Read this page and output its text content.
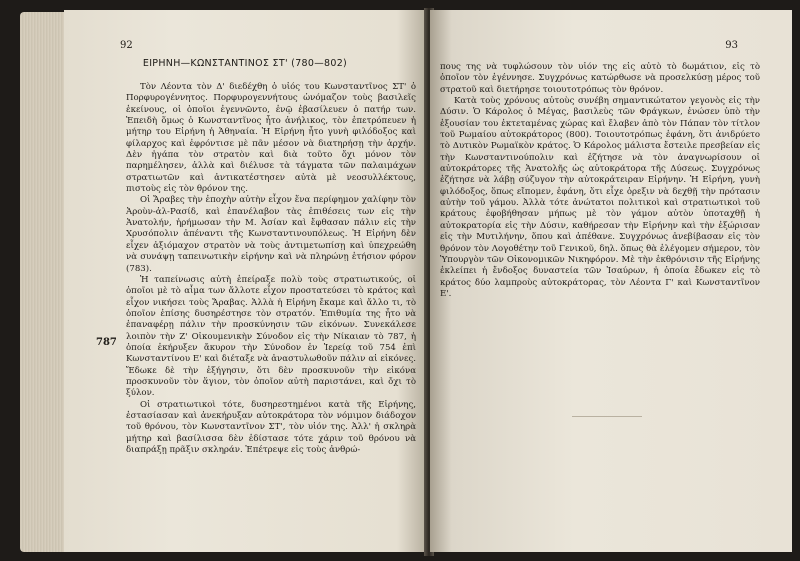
92
ΕΙΡΗΝΗ—ΚΩΝΣΤΑΝΤΙΝΟΣ ΣΤ' (780—802)
787

Τὸν Λέοντα τὸν Δ' διεδέχθη ὁ υἱός του Κωνσταντῖνος ΣΤ' ὁ Πορφυρογέννητος. Πορφυρογεννήτους ὠνόμαζον τοὺς βασιλεῖς ἐκείνους, οἱ ὁποῖοι ἐγεννῶντο, ἐνῷ ἐβασίλευεν ὁ πατήρ των. Ἐπειδὴ ὅμως ὁ Κωνσταντῖνος ἦτο ἀνήλικος, τὸν ἐπετρόπευεν ἡ μήτηρ του Εἰρήνη ἡ Ἀθηναία. Ἡ Εἰρήνη ἦτο γυνὴ φιλόδοξος καὶ φίλαρχος καὶ ἐφρόντισε μὲ πᾶν μέσον νὰ διατηρήσῃ τὴν ἀρχήν. Δὲν ἠγάπα τὸν στρατὸν καὶ διὰ τοῦτο ὄχι μόνον τὸν παρημέλησεν, ἀλλὰ καὶ διέλυσε τὰ τάγματα τῶν παλαιμάχων στρατιωτῶν καὶ ἀντικατέστησεν αὐτὰ μὲ νεοσυλλέκτους, πιστοὺς εἰς τὸν θρόνον της.

Οἱ Ἄραβες τὴν ἐποχὴν αὐτὴν εἶχον ἕνα περίφημον χαλίφην τὸν Ἀροὺν-ἀλ-Ρασίδ, καὶ ἐπανέλαβον τὰς ἐπιθέσεις των εἰς τὴν Ἀνατολήν, ἠρήμωσαν τὴν Μ. Ἀσίαν καὶ ἔφθασαν πάλιν εἰς τὴν Χρυσόπολιν ἀπέναντι τῆς Κωνσταντινουπόλεως. Ἡ Εἰρήνη δὲν εἶχεν ἀξιόμαχον στρατὸν νὰ τοὺς ἀντιμετωπίσῃ καὶ ὑπεχρεώθη νὰ συνάψῃ ταπεινωτικὴν εἰρήνην καὶ νὰ πληρώνῃ ἐτήσιον φόρον (783).

Ἡ ταπείνωσις αὐτὴ ἐπείραξε πολὺ τοὺς στρατιωτικούς, οἱ ὁποῖοι μὲ τὸ αἷμα των ἄλλοτε εἶχον προστατεύσει τὸ κράτος καὶ εἶχον νικήσει τοὺς Ἄραβας. Ἀλλὰ ἡ Εἰρήνη ἔκαμε καὶ ἄλλο τι, τὸ ὁποῖον ἐπίσης δυσηρέστησε τὸν στρατόν. Ἐπιθυμία της ἦτο νὰ ἐπαναφέρῃ πάλιν τὴν προσκύνησιν τῶν εἰκόνων. Συνεκάλεσε λοιπὸν τὴν Ζ' Οἰκουμενικὴν Σύνοδον εἰς τὴν Νίκαιαν τὸ 787, ἡ ὁποία ἐκήρυξεν ἄκυρον τὴν Σύνοδον ἐν Ἱερείᾳ τοῦ 754 ἐπὶ Κωνσταντίνου Ε' καὶ διέταξε νὰ ἀναστυλωθοῦν πάλιν αἱ εἰκόνες. Ἔδωκε δὲ τὴν ἐξήγησιν, ὅτι δὲν προσκυνοῦν τὴν εἰκόνα προσκυνοῦν τὸν ἅγιον, τὸν ὁποῖον αὐτὴ παριστάνει, καὶ ὄχι τὸ ξύλον.

Οἱ στρατιωτικοὶ τότε, δυσηρεστημένοι κατὰ τῆς Εἰρήνης, ἐστασίασαν καὶ ἀνεκήρυξαν αὐτοκράτορα τὸν νόμιμον διάδοχον τοῦ θρόνου, τὸν Κωνσταντῖνον ΣΤ', τὸν υἱόν της. Ἀλλ' ἡ σκληρὰ μήτηρ καὶ βασίλισσα δὲν ἐδίστασε τότε χάριν τοῦ θρόνου νὰ διαπράξῃ πρᾶξιν σκληράν. Ἐπέτρεψε εἰς τοὺς ἀνθρώ-

93

πους της νὰ τυφλώσουν τὸν υἱόν της εἰς αὐτὸ τὸ δωμάτιον, εἰς τὸ ὁποῖον τὸν ἐγέννησε. Συγχρόνως κατώρθωσε νὰ προσελκύσῃ μέρος τοῦ στρατοῦ καὶ διετήρησε τοιουτοτρόπως τὸν θρόνον.

Κατὰ τοὺς χρόνους αὐτοὺς συνέβη σημαντικώτατον γεγονὸς εἰς τὴν Δύσιν. Ὁ Κάρολος ὁ Μέγας, βασιλεὺς τῶν Φράγκων, ἐνώσεν ὑπὸ τὴν ἐξουσίαν του ἐκτεταμένας χώρας καὶ ἔλαβεν ἀπὸ τὸν Πάπαν τὸν τίτλον τοῦ Ρωμαίου αὐτοκράτορος (800). Τοιουτοτρόπως ἐφάνη, ὅτι ἀνιδρύετο τὸ Δυτικὸν Ρωμαϊκὸν κράτος. Ὁ Κάρολος μάλιστα ἔστειλε πρεσβείαν εἰς τὴν Κωνσταντινούπολιν καὶ ἐζήτησε νὰ τὸν ἀναγνωρίσουν οἱ αὐτοκράτορες τῆς Ἀνατολῆς ὡς αὐτοκράτορα τῆς Δύσεως. Συγχρόνως ἐζήτησε νὰ λάβῃ σύζυγον τὴν αὐτοκράτειραν Εἰρήνην. Ἡ Εἰρήνη, γυνὴ φιλόδοξος, ὅπως εἴπομεν, ἐφάνη, ὅτι εἶχε ὀρεξιν νὰ δεχθῇ τὴν πρότασιν αὐτὴν τοῦ γάμου. Ἀλλὰ τότε ἀνώτατοι πολιτικοὶ καὶ στρατιωτικοὶ τοῦ κράτους ἐφοβήθησαν μήπως μὲ τὸν γάμον αὐτὸν ὑποταχθῇ ἡ αὐτοκρατορία εἰς τὴν Δύσιν, καθήρεσαν τὴν Εἰρήνην καὶ τὴν ἐξώρισαν εἰς τὴν Μυτιλήνην, ὅπου καὶ ἀπέθανε. Συγχρόνως ἀνεβίβασαν εἰς τὸν θρόνον τὸν Λογοθέτην τοῦ Γενικοῦ, δηλ. ὅπως θὰ ἐλέγομεν σήμερον, τὸν Ὑπουργὸν τῶν Οἰκονομικῶν Νικηφόρον. Μὲ τὴν ἐκθρόνισιν τῆς Εἰρήνης ἐκλείπει ἡ ἔνδοξος δυναστεία τῶν Ἰσαύρων, ἡ ὁποία ἔδωκεν εἰς τὸ κράτος δύο λαμπροὺς αὐτοκράτορας, τὸν Λέοντα Γ' καὶ Κωνσταντῖνον Ε'.
